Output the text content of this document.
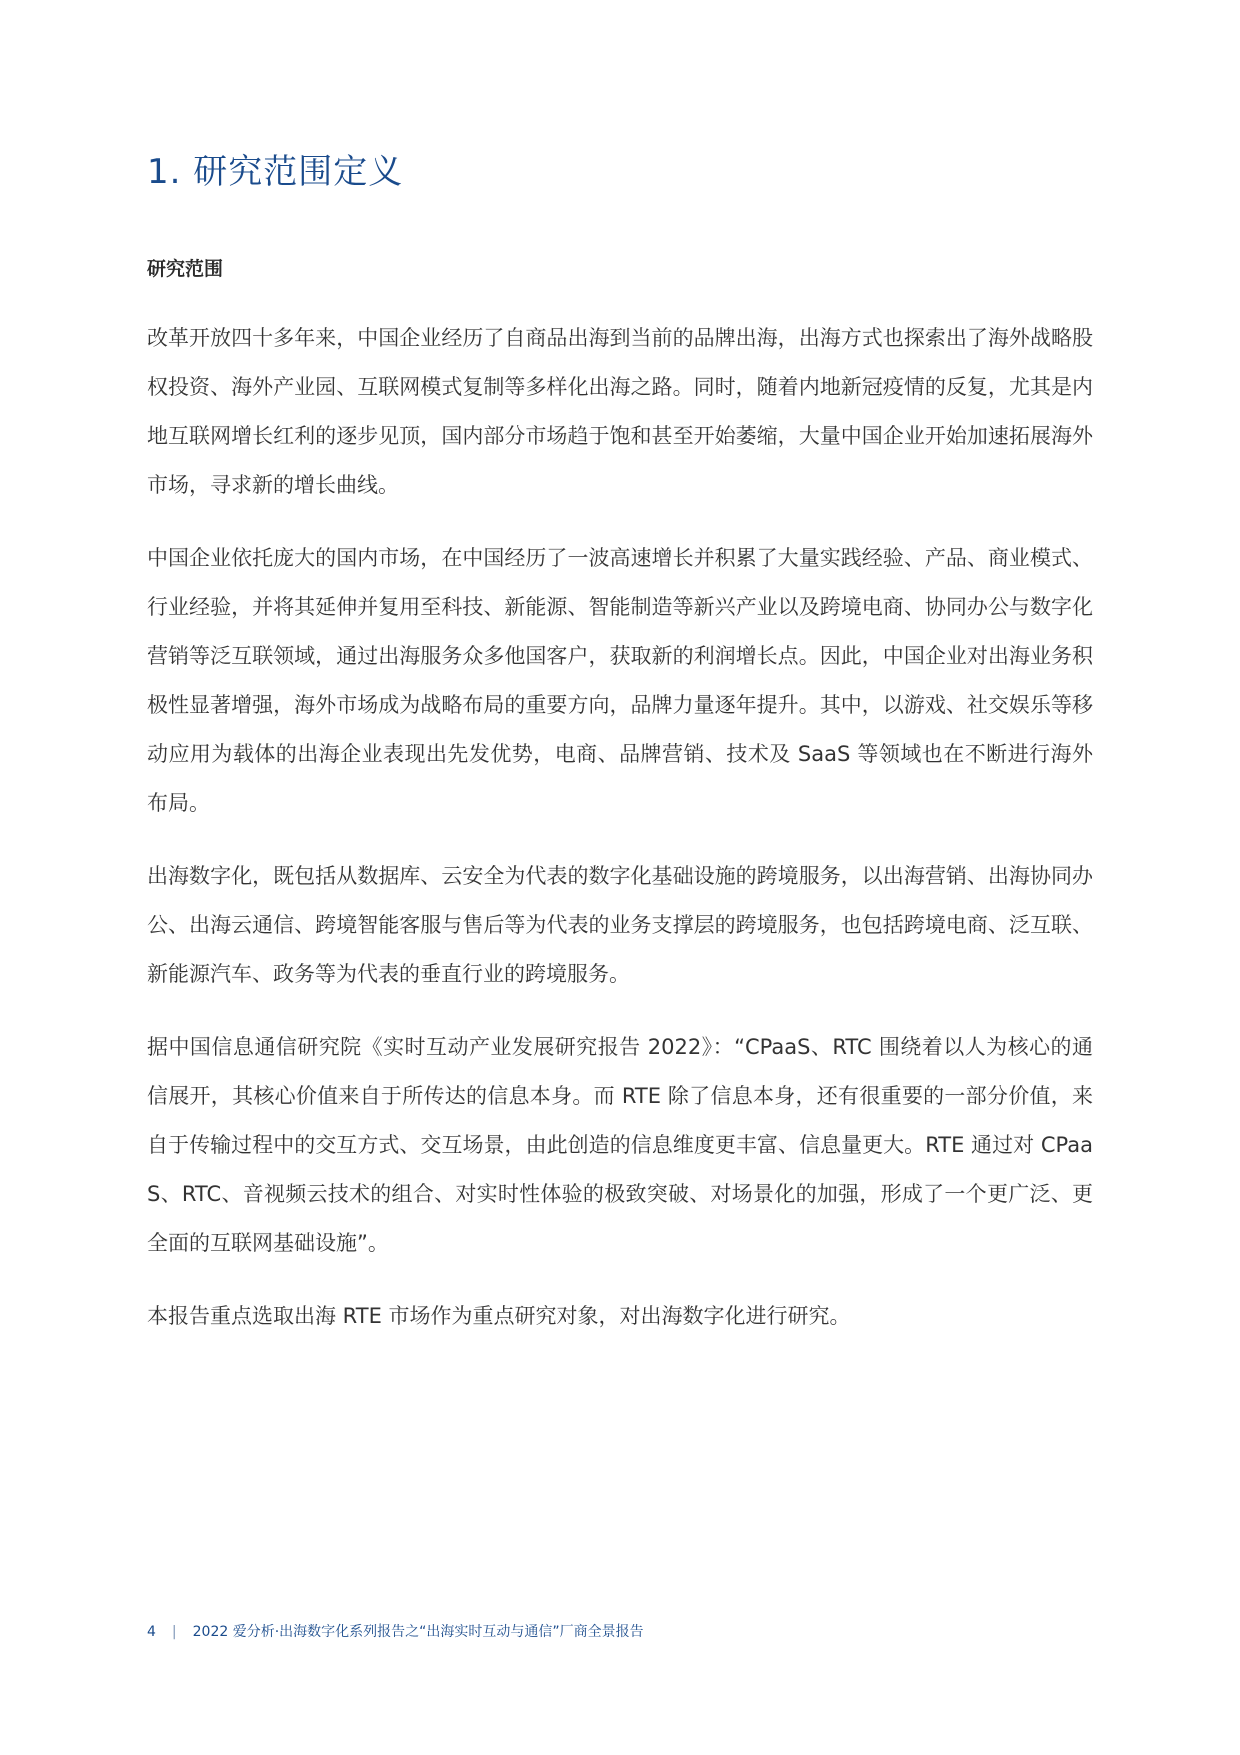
1. 研究范围定义
研究范围

改革开放四十多年来，中国企业经历了自商品出海到当前的品牌出海，出海方式也探索出了海外战略股权投资、海外产业园、互联网模式复制等多样化出海之路。同时，随着内地新冠疫情的反复，尤其是内地互联网增长红利的逐步见顶，国内部分市场趋于饱和甚至开始萎缩，大量中国企业开始加速拓展海外市场，寻求新的增长曲线。

中国企业依托庞大的国内市场，在中国经历了一波高速增长并积累了大量实践经验、产品、商业模式、行业经验，并将其延伸并复用至科技、新能源、智能制造等新兴产业以及跨境电商、协同办公与数字化营销等泛互联领域，通过出海服务众多他国客户，获取新的利润增长点。因此，中国企业对出海业务积极性显著增强，海外市场成为战略布局的重要方向，品牌力量逐年提升。其中，以游戏、社交娱乐等移动应用为载体的出海企业表现出先发优势，电商、品牌营销、技术及 SaaS 等领域也在不断进行海外布局。

出海数字化，既包括从数据库、云安全为代表的数字化基础设施的跨境服务，以出海营销、出海协同办公、出海云通信、跨境智能客服与售后等为代表的业务支撑层的跨境服务，也包括跨境电商、泛互联、新能源汽车、政务等为代表的垂直行业的跨境服务。

据中国信息通信研究院《实时互动产业发展研究报告 2022》：“CPaaS、RTC 围绕着以人为核心的通信展开，其核心价值来自于所传达的信息本身。而 RTE 除了信息本身，还有很重要的一部分价值，来自于传输过程中的交互方式、交互场景，由此创造的信息维度更丰富、信息量更大。RTE 通过对 CPaaS、RTC、音视频云技术的组合、对实时性体验的极致突破、对场景化的加强，形成了一个更广泛、更全面的互联网基础设施”。

本报告重点选取出海 RTE 市场作为重点研究对象，对出海数字化进行研究。

4 | 2022 爱分析·出海数字化系列报告之“出海实时互动与通信”厂商全景报告
